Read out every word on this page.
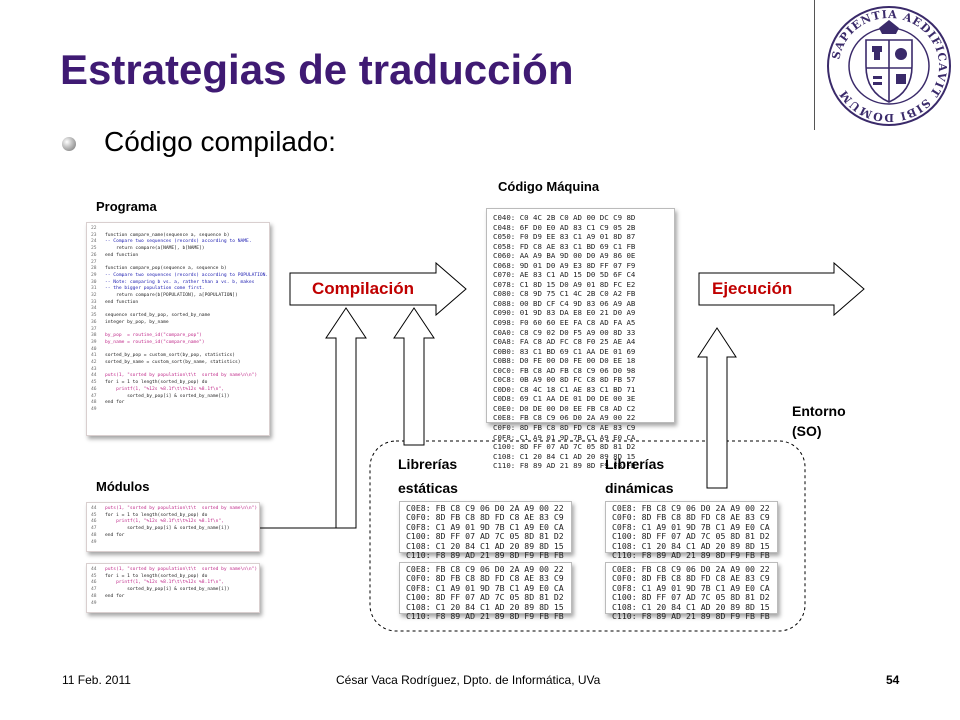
Estrategias de traducción	SAPIENTIA AEDIFICAVIT SIBI DOMUM
Código compilado:
Programa
Código Máquina
Módulos
22
23 function compare_name(sequence a, sequence b)
24 -- Compare two sequences (records) according to NAME.
25    return compare(a[NAME], b[NAME])
26 end function
27
28 function compare_pop(sequence a, sequence b)
29 -- Compare two sequences (records) according to POPULATION.
30 -- Note: comparing b vs. a, rather than a vs. b, makes
31 -- the bigger population come first.
32    return compare(b[POPULATION], a[POPULATION])
33 end function
34
35 sequence sorted_by_pop, sorted_by_name
36 integer by_pop, by_name
37
38 by_pop  = routine_id("compare_pop")
39 by_name = routine_id("compare_name")
40
41 sorted_by_pop = custom_sort(by_pop, statistics)
42 sorted_by_name = custom_sort(by_name, statistics)
43
44 puts(1, "sorted by population\t\t  sorted by name\n\n")
45 for i = 1 to length(sorted_by_pop) do
46    printf(1, "%12s %8.1f\t\t%12s %8.1f\n",
47        sorted_by_pop[i] & sorted_by_name[i])
48 end for
49
44 puts(1, "sorted by population\t\t  sorted by name\n\n")
45 for i = 1 to length(sorted_by_pop) do
46    printf(1, "%12s %8.1f\t\t%12s %8.1f\n",
47        sorted_by_pop[i] & sorted_by_name[i])
48 end for
49
44 puts(1, "sorted by population\t\t  sorted by name\n\n")
45 for i = 1 to length(sorted_by_pop) do
46    printf(1, "%12s %8.1f\t\t%12s %8.1f\n",
47        sorted_by_pop[i] & sorted_by_name[i])
48 end for
49
Compilación	Ejecución
C040: C0 4C 2B C0 AD 00 DC C9 8D
C048: 6F D0 E0 AD 83 C1 C9 05 2B
C050: F0 D9 EE 83 C1 A9 01 8D 87
C058: FD C8 AE 83 C1 BD 69 C1 FB
C060: AA A9 BA 9D 00 D0 A9 86 0E
C068: 9D 01 D0 A9 E3 8D FF 07 F9
C070: AE 83 C1 AD 15 D0 5D 6F C4
C078: C1 8D 15 D0 A9 01 8D FC E2
C080: C8 9D 75 C1 4C 2B C0 A2 FB
C088: 00 BD CF C4 9D 83 06 A9 AB
C090: 01 9D 83 DA E8 E0 21 D0 A9
C098: F0 60 60 EE FA C8 AD FA A5
C0A0: C8 C9 02 D0 F5 A9 00 8D 33
C0A8: FA C8 AD FC C8 F0 25 AE A4
C0B0: 83 C1 BD 69 C1 AA DE 01 69
C0B8: D0 FE 00 D0 FE 00 D0 EE 18
C0C0: FB C8 AD FB C8 C9 06 D0 98
C0C8: 0B A9 00 8D FC C8 8D FB 57
C0D0: C8 4C 18 C1 AE 83 C1 BD 71
C0D8: 69 C1 AA DE 01 D0 DE 00 3E
C0E0: D0 DE 00 D0 EE FB C8 AD C2
C0E8: FB C8 C9 06 D0 2A A9 00 22
C0F0: 8D FB C8 8D FD C8 AE 83 C9
C0F8: C1 A9 01 9D 7B C1 A9 E0 CA
C100: 8D FF 07 AD 7C 05 8D 81 D2
C108: C1 20 84 C1 AD 20 89 8D 15
C110: F8 89 AD 21 89 8D F9 FB FB
Entorno
(SO)
Librerías
estáticas
Librerías
dinámicas
C0E8: FB C8 C9 06 D0 2A A9 00 22
C0F0: 8D FB C8 8D FD C8 AE 83 C9
C0F8: C1 A9 01 9D 7B C1 A9 E0 CA
C100: 8D FF 07 AD 7C 05 8D 81 D2
C108: C1 20 84 C1 AD 20 89 8D 15
C110: F8 89 AD 21 89 8D F9 FB FB
C0E8: FB C8 C9 06 D0 2A A9 00 22
C0F0: 8D FB C8 8D FD C8 AE 83 C9
C0F8: C1 A9 01 9D 7B C1 A9 E0 CA
C100: 8D FF 07 AD 7C 05 8D 81 D2
C108: C1 20 84 C1 AD 20 89 8D 15
C110: F8 89 AD 21 89 8D F9 FB FB
C0E8: FB C8 C9 06 D0 2A A9 00 22
C0F0: 8D FB C8 8D FD C8 AE 83 C9
C0F8: C1 A9 01 9D 7B C1 A9 E0 CA
C100: 8D FF 07 AD 7C 05 8D 81 D2
C108: C1 20 84 C1 AD 20 89 8D 15
C110: F8 89 AD 21 89 8D F9 FB FB
C0E8: FB C8 C9 06 D0 2A A9 00 22
C0F0: 8D FB C8 8D FD C8 AE 83 C9
C0F8: C1 A9 01 9D 7B C1 A9 E0 CA
C100: 8D FF 07 AD 7C 05 8D 81 D2
C108: C1 20 84 C1 AD 20 89 8D 15
C110: F8 89 AD 21 89 8D F9 FB FB
11 Feb. 2011	César Vaca Rodríguez, Dpto. de Informática, UVa	54
